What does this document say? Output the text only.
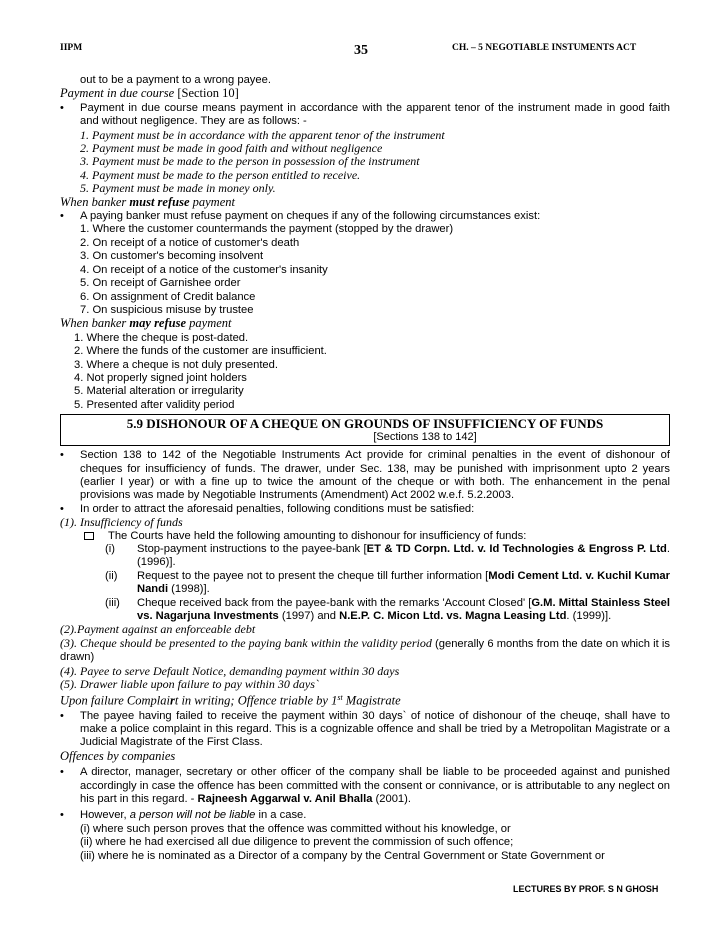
IIPM	35	CH. – 5 NEGOTIABLE INSTUMENTS ACT
out to be a payment to a wrong payee.
Payment in due course [Section 10]
•	Payment in due course means payment in accordance with the apparent tenor of the instrument made in good faith and without negligence. They are as follows: -
1. Payment must be in accordance with the apparent tenor of the instrument
2. Payment must be made in good faith and without negligence
3. Payment must be made to the person in possession of the instrument
4. Payment must be made to the person entitled to receive.
5. Payment must be made in money only.
When banker must refuse payment
•	A paying banker must refuse payment on cheques if any of the following circumstances exist:
1. Where the customer countermands the payment (stopped by the drawer)
2. On receipt of a notice of customer's death
3. On customer's becoming insolvent
4. On receipt of a notice of the customer's insanity
5. On receipt of Garnishee order
6. On assignment of Credit balance
7. On suspicious misuse by trustee
When banker may refuse payment
1. Where the cheque is post-dated.
2. Where the funds of the customer are insufficient.
3. Where a cheque is not duly presented.
4. Not properly signed joint holders
5. Material alteration or irregularity
5. Presented after validity period
5.9 DISHONOUR OF A CHEQUE ON GROUNDS OF INSUFFICIENCY OF FUNDS
[Sections 138 to 142]
•	Section 138 to 142 of the Negotiable Instruments Act provide for criminal penalties in the event of dishonour of cheques for insufficiency of funds. The drawer, under Sec. 138, may be punished with imprisonment upto 2 years (earlier I year) or with a fine up to twice the amount of the cheque or with both. The enhancement in the penal provisions was made by Negotiable Instruments (Amendment) Act 2002 w.e.f. 5.2.2003.
•	In order to attract the aforesaid penalties, following conditions must be satisfied:
(1). Insufficiency of funds
The Courts have held the following amounting to dishonour for insufficiency of funds:
(i)	Stop-payment instructions to the payee-bank [ET & TD Corpn. Ltd. v. Id Technologies & Engross P. Ltd. (1996)].
(ii)	Request to the payee not to present the cheque till further information [Modi Cement Ltd. v. Kuchil Kumar Nandi (1998)].
(iii)	Cheque received back from the payee-bank with the remarks 'Account Closed' [G.M. Mittal Stainless Steel vs. Nagarjuna Investments (1997) and N.E.P. C. Micon Ltd. vs. Magna Leasing Ltd. (1999)].
(2).Payment against an enforceable debt
(3). Cheque should be presented to the paying bank within the validity period (generally 6 months from the date on which it is drawn)
(4). Payee to serve Default Notice, demanding payment within 30 days
(5). Drawer liable upon failure to pay within 30 days`
Upon failure Complairt in writing; Offence triable by 1st Magistrate
•	The payee having failed to receive the payment within 30 days` of notice of dishonour of the cheuqe, shall have to make a police complaint in this regard. This is a cognizable offence and shall be tried by a Metropolitan Magistrate or a Judicial Magistrate of the First Class.
Offences by companies
•	A director, manager, secretary or other officer of the company shall be liable to be proceeded against and punished accordingly in case the offence has been committed with the consent or connivance, or is attributable to any neglect on his part in this regard. - Rajneesh Aggarwal v. Anil Bhalla (2001).
•	However, a person will not be liable in a case.
(i) where such person proves that the offence was committed without his knowledge, or
(ii) where he had exercised all due diligence to prevent the commission of such offence;
(iii) where he is nominated as a Director of a company by the Central Government or State Government or
LECTURES BY PROF. S N GHOSH
